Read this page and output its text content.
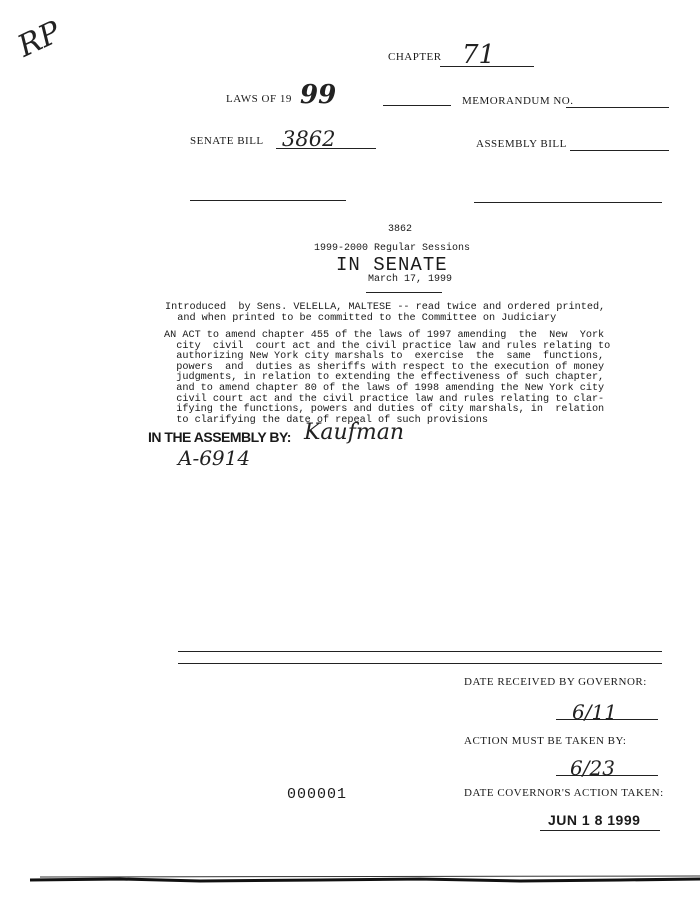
RP	CHAPTER 71
LAWS OF 19 99	MEMORANDUM NO.
SENATE BILL 3862	ASSEMBLY BILL
3862
1999-2000 Regular Sessions
IN SENATE
March 17, 1999
Introduced  by Sens. VELELLA, MALTESE -- read twice and ordered printed,
and when printed to be committed to the Committee on Judiciary
AN ACT to amend chapter 455 of the laws of 1997 amending  the  New  York
city  civil  court act and the civil practice law and rules relating to
authorizing New York city marshals to  exercise  the  same  functions,
powers  and  duties as sheriffs with respect to the execution of money
judgments, in relation to extending the effectiveness of such chapter,
and to amend chapter 80 of the laws of 1998 amending the New York city
civil court act and the civil practice law and rules relating to clar-
ifying the functions, powers and duties of city marshals, in  relation
to clarifying the date of repeal of such provisions
IN THE ASSEMBLY BY: Kaufman
A-6914
DATE RECEIVED BY GOVERNOR:
6/11
ACTION MUST BE TAKEN BY:
6/23
000001	DATE COVERNOR'S ACTION TAKEN:
JUN 1 8 1999
